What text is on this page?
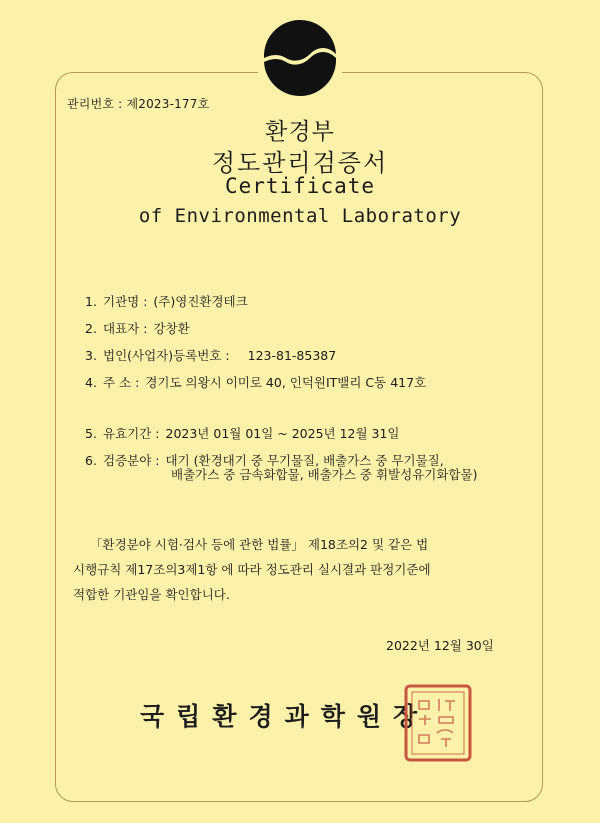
관리번호 : 제2023-177호
환경부
정도관리검증서
Certificate
of Environmental Laboratory
1. 기관명 : (주)영진환경테크
2. 대표자 : 강창환
3. 법인(사업자)등록번호 : 123-81-85387
4. 주 소 : 경기도 의왕시 이미로 40, 인덕원IT밸리 C동 417호
5. 유효기간 : 2023년 01월 01일 ~ 2025년 12월 31일
6. 검증분야 : 대기 (환경대기 중 무기물질, 배출가스 중 무기물질,
배출가스 중 금속화합물, 배출가스 중 휘발성유기화합물)
「환경분야 시험·검사 등에 관한 법률」 제18조의2 및 같은 법
시행규칙 제17조의3제1항 에 따라 정도관리 실시결과 판정기준에
적합한 기관임을 확인합니다.
2022년 12월 30일
국립환경과학원장
